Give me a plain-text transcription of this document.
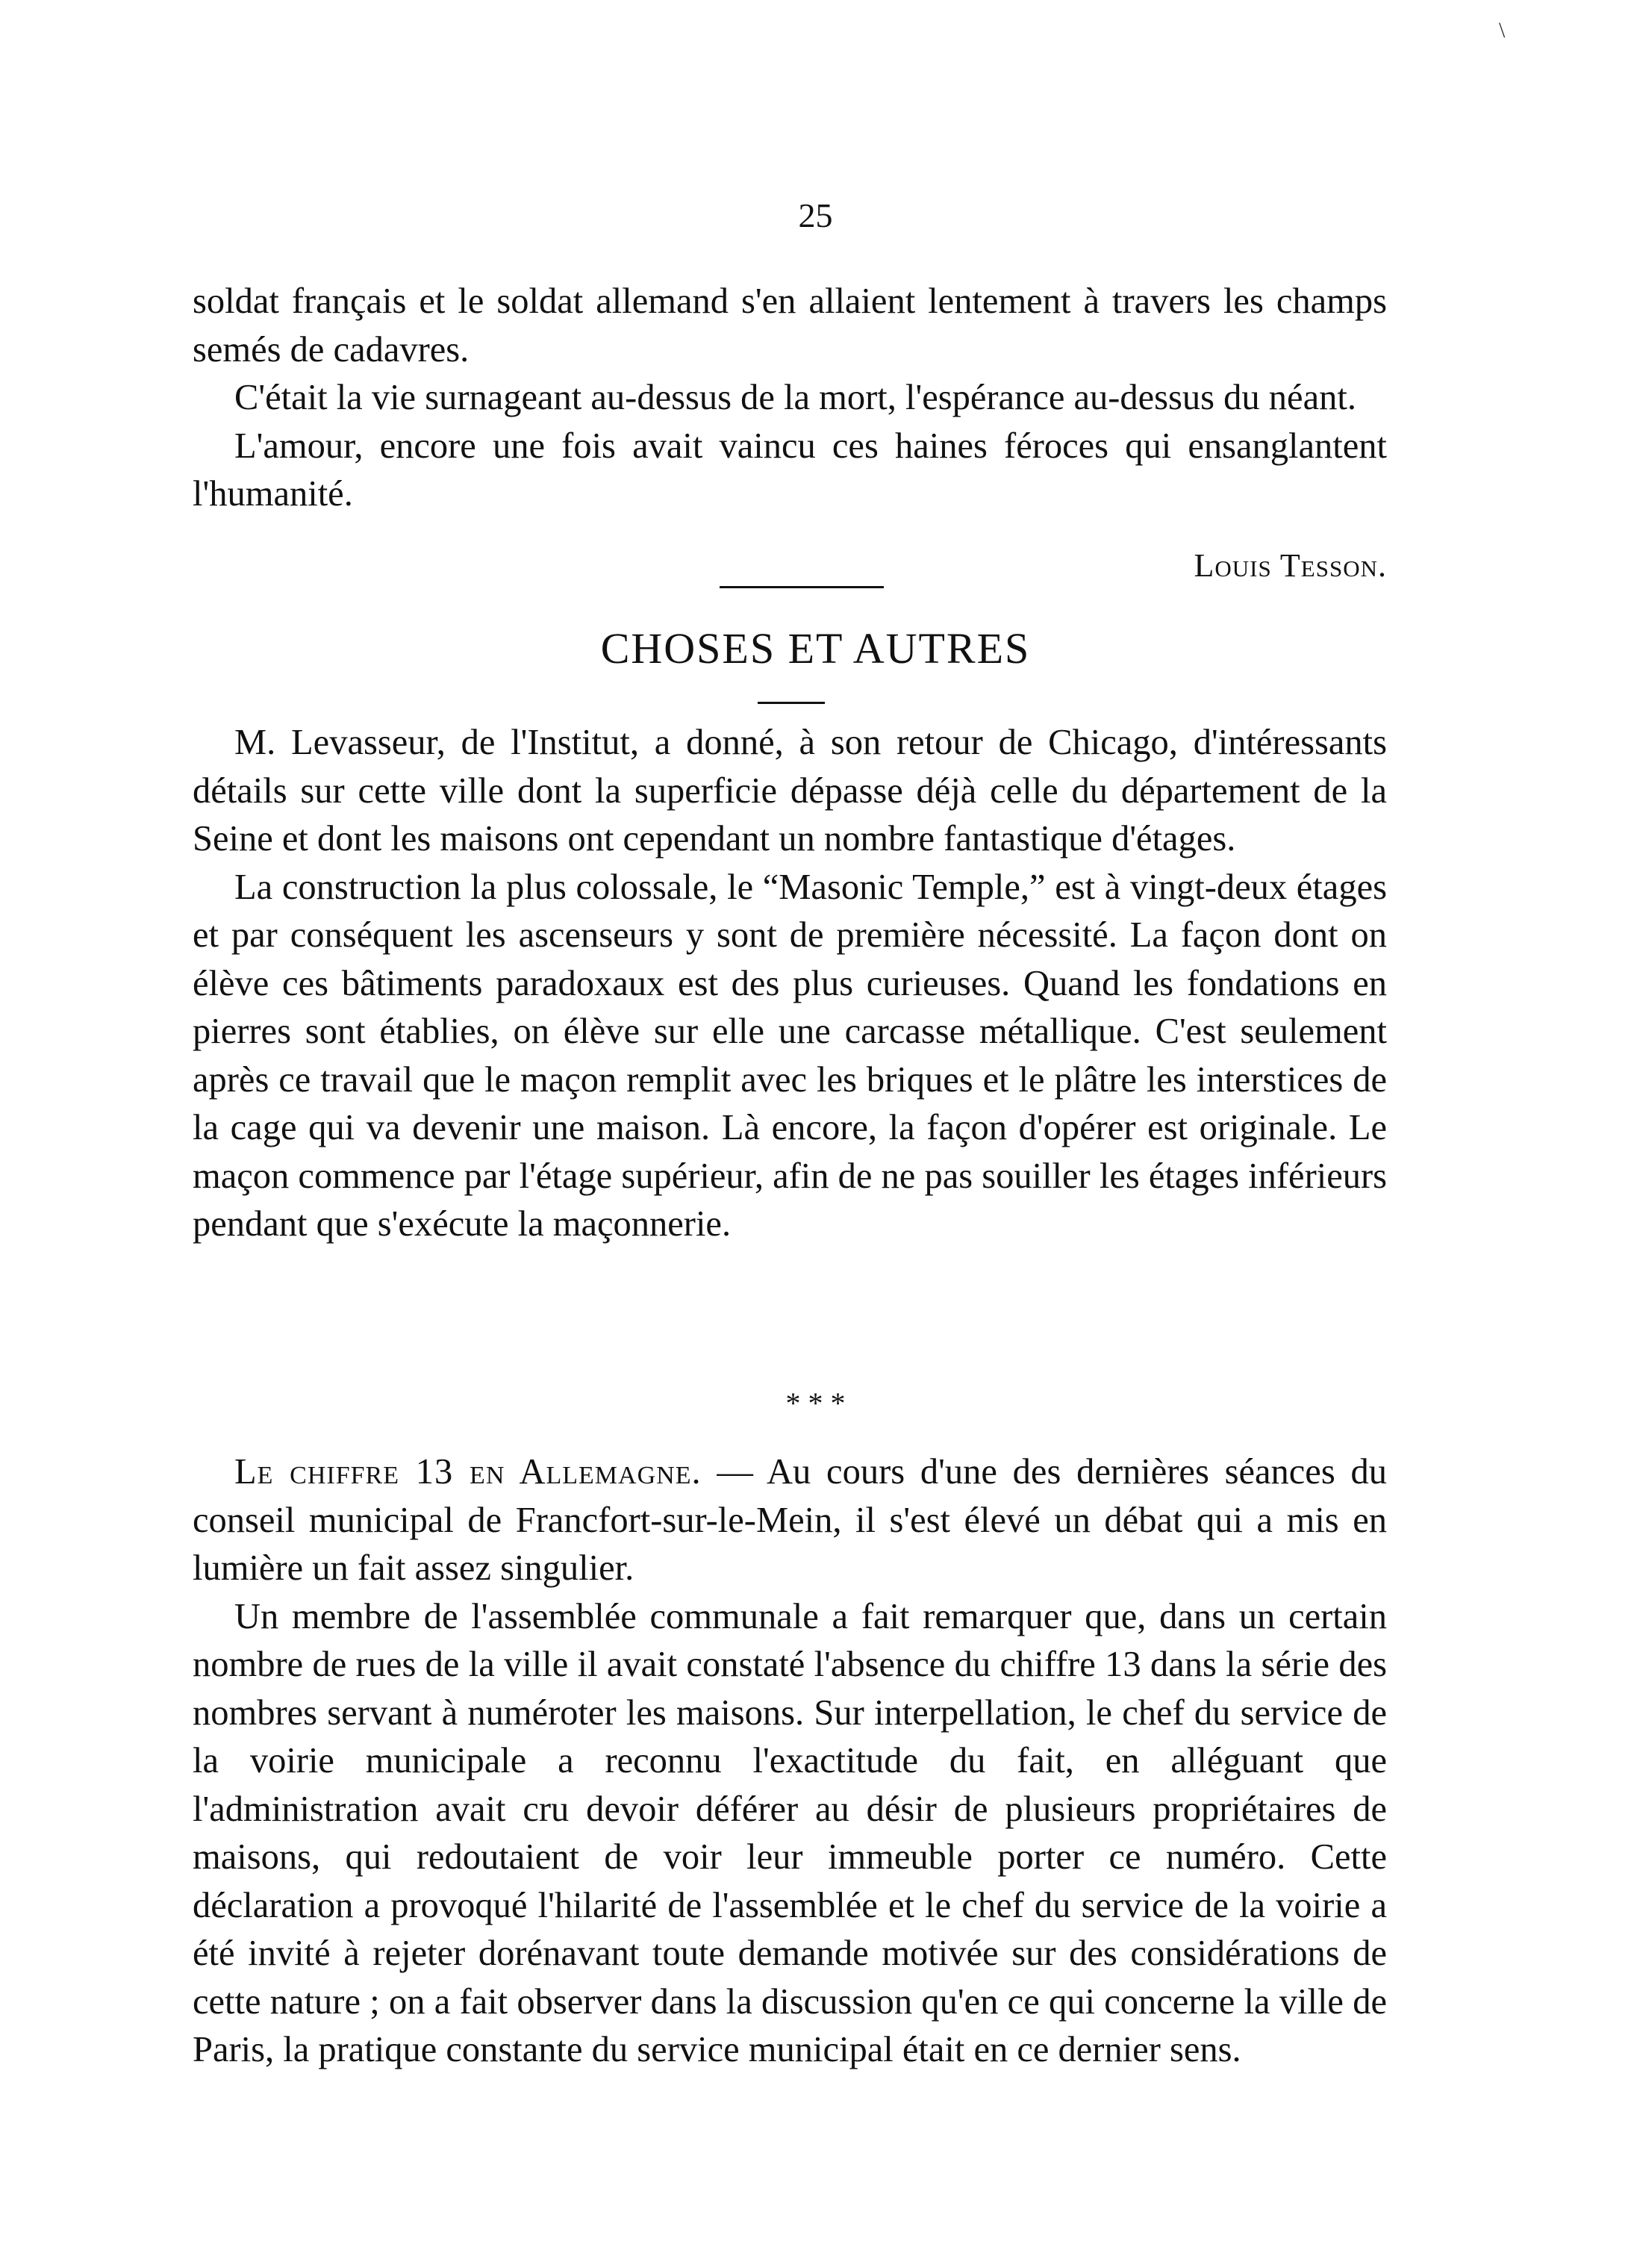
\
25

soldat français et le soldat allemand s'en allaient lentement à travers les champs semés de cadavres.

C'était la vie surnageant au-dessus de la mort, l'espérance au-dessus du néant.

L'amour, encore une fois avait vaincu ces haines féroces qui ensanglantent l'humanité.

Louis Tesson.
CHOSES ET AUTRES

M. Levasseur, de l'Institut, a donné, à son retour de Chicago, d'intéressants détails sur cette ville dont la superficie dépasse déjà celle du département de la Seine et dont les maisons ont cependant un nombre fantastique d'étages.

La construction la plus colossale, le “Masonic Temple,” est à vingt-deux étages et par conséquent les ascenseurs y sont de première nécessité. La façon dont on élève ces bâtiments paradoxaux est des plus curieuses. Quand les fondations en pierres sont établies, on élève sur elle une carcasse métallique. C'est seulement après ce travail que le maçon remplit avec les briques et le plâtre les interstices de la cage qui va devenir une maison. Là encore, la façon d'opérer est originale. Le maçon commence par l'étage supérieur, afin de ne pas souiller les étages inférieurs pendant que s'exécute la maçonnerie.

* * *

Le chiffre 13 en Allemagne. — Au cours d'une des dernières séances du conseil municipal de Francfort-sur-le-Mein, il s'est élevé un débat qui a mis en lumière un fait assez singulier.

Un membre de l'assemblée communale a fait remarquer que, dans un certain nombre de rues de la ville il avait constaté l'absence du chiffre 13 dans la série des nombres servant à numéroter les maisons. Sur interpellation, le chef du service de la voirie municipale a reconnu l'exactitude du fait, en alléguant que l'administration avait cru devoir déférer au désir de plusieurs propriétaires de maisons, qui redoutaient de voir leur immeuble porter ce numéro. Cette déclaration a provoqué l'hilarité de l'assemblée et le chef du service de la voirie a été invité à rejeter dorénavant toute demande motivée sur des considérations de cette nature ; on a fait observer dans la discussion qu'en ce qui concerne la ville de Paris, la pratique constante du service municipal était en ce dernier sens.
